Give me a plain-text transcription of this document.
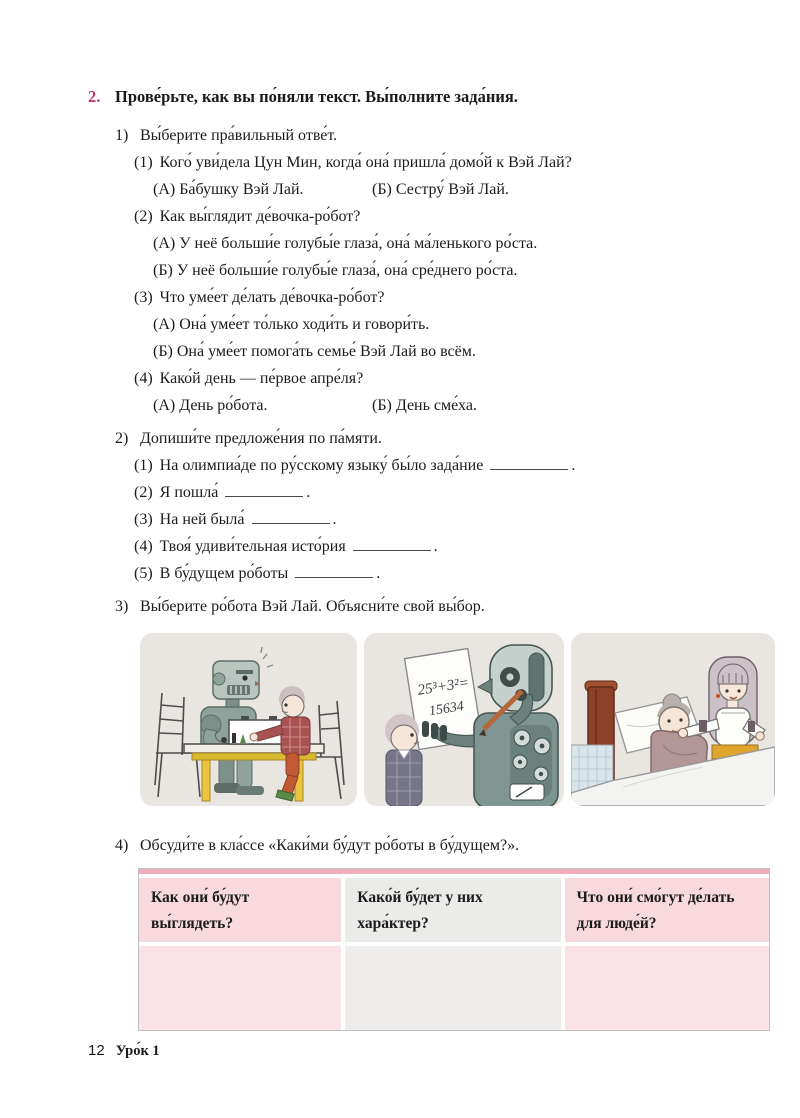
2. Прове́рьте, как вы по́няли текст. Вы́полните зада́ния.
1) Вы́берите пра́вильный отве́т.
(1) Кого́ уви́дела Цун Мин, когда́ она́ пришла́ домо́й к Вэй Лай?
(А) Ба́бушку Вэй Лай.	(Б) Сестру́ Вэй Лай.
(2) Как вы́глядит де́вочка-ро́бот?
(А) У неё больши́е голубы́е глаза́, она́ ма́ленького ро́ста.
(Б) У неё больши́е голубы́е глаза́, она́ сре́днего ро́ста.
(3) Что уме́ет де́лать де́вочка-ро́бот?
(А) Она́ уме́ет то́лько ходи́ть и говори́ть.
(Б) Она́ уме́ет помога́ть семье́ Вэй Лай во всём.
(4) Како́й день — пе́рвое апре́ля?
(А) День ро́бота.	(Б) День сме́ха.
2) Допиши́те предложе́ния по па́мяти.
(1) На олимпиа́де по ру́сскому языку́ бы́ло зада́ние	.
(2) Я пошла́	.
(3) На ней была́	.
(4) Твоя́ удиви́тельная исто́рия	.
(5) В бу́дущем ро́боты	.
3) Вы́берите ро́бота Вэй Лай. Объясни́те свой вы́бор.
25³+3²=
15634
4) Обсуди́те в кла́ссе «Каки́ми бу́дут ро́боты в бу́дущем?».
Как они́ бу́дут вы́глядеть?	Како́й бу́дет у них хара́ктер?	Что они́ смо́гут де́лать для люде́й?

12 Уро́к 1
